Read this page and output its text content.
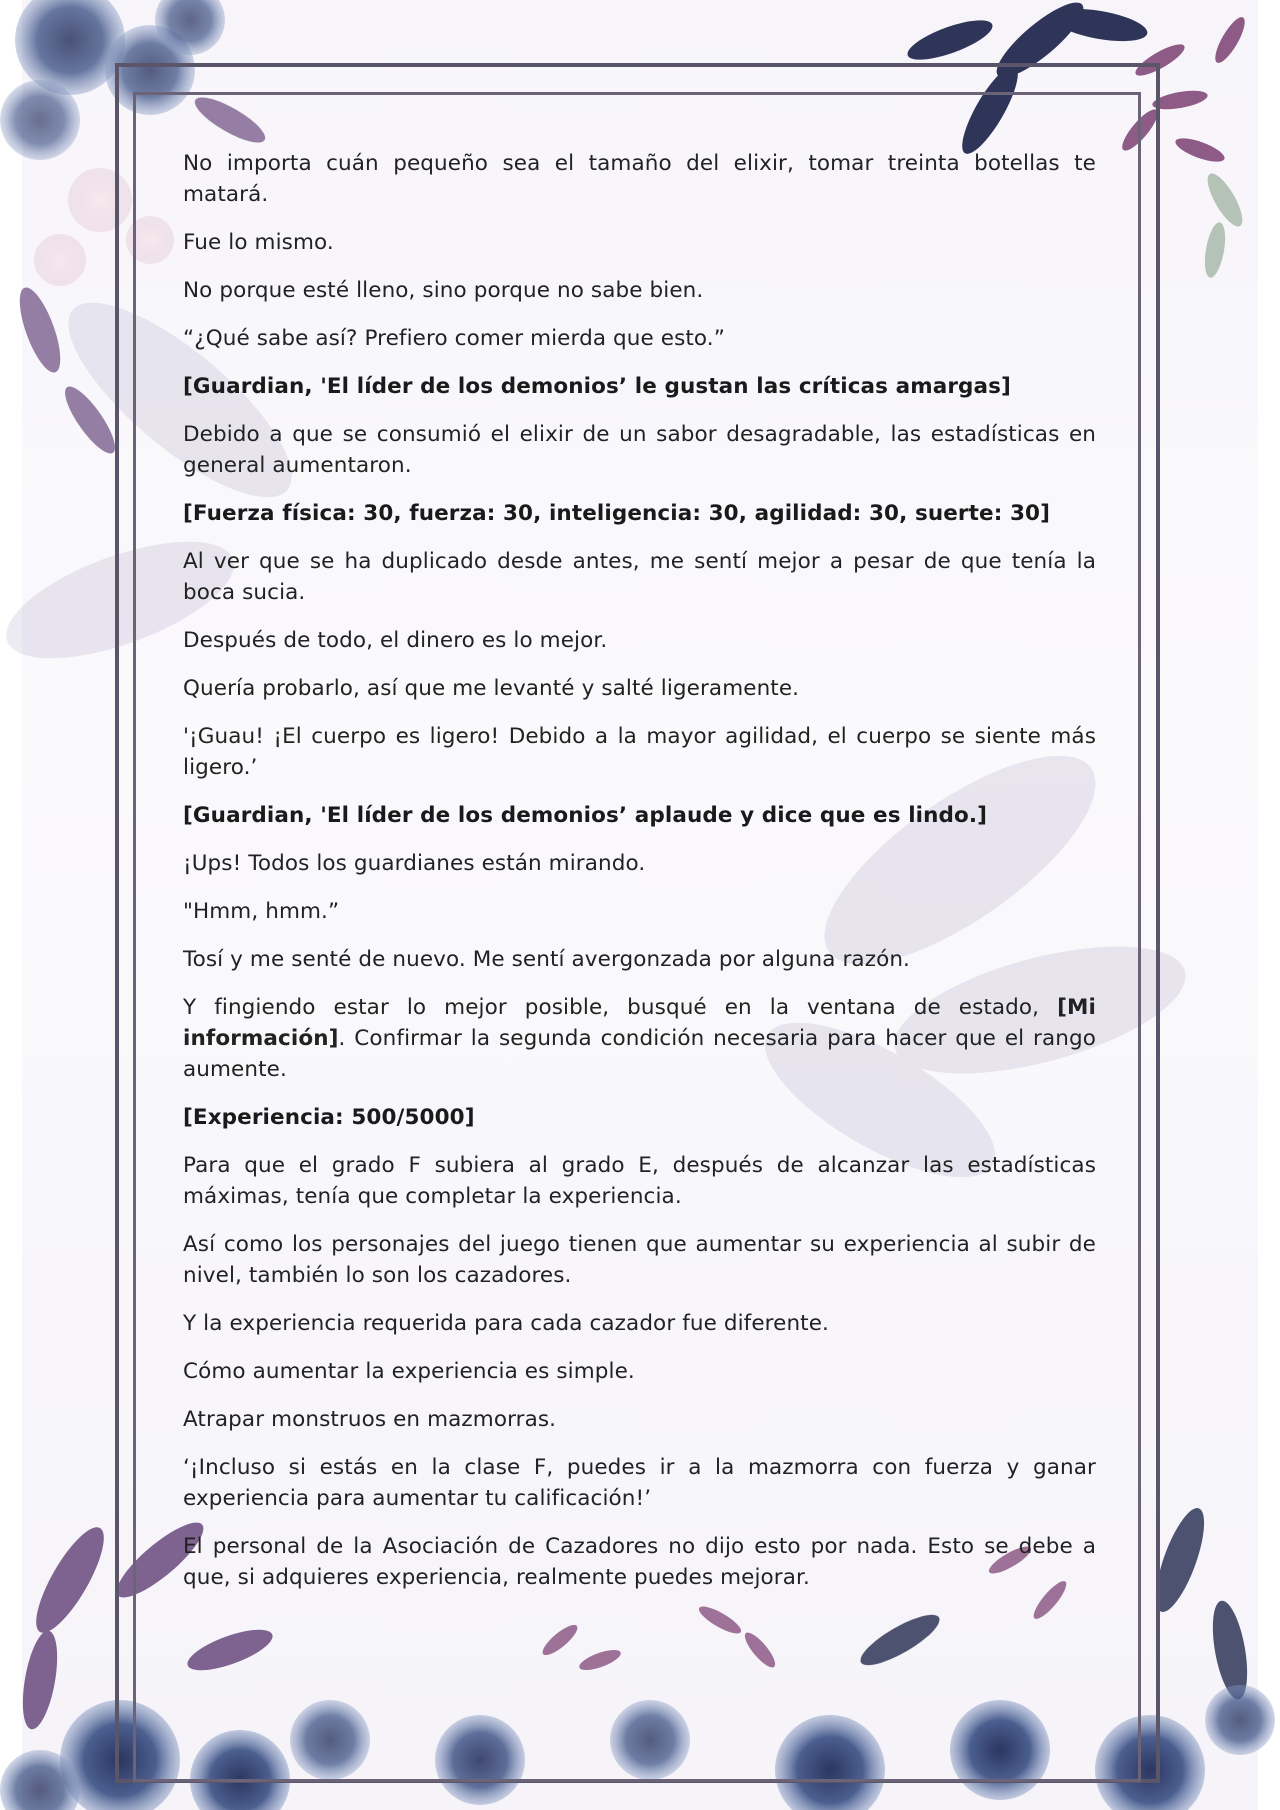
No importa cuán pequeño sea el tamaño del elixir, tomar treinta botellas te matará.

Fue lo mismo.

No porque esté lleno, sino porque no sabe bien.

“¿Qué sabe así? Prefiero comer mierda que esto.”

[Guardian, 'El líder de los demonios’ le gustan las críticas amargas]

Debido a que se consumió el elixir de un sabor desagradable, las estadísticas en general aumentaron.

[Fuerza física: 30, fuerza: 30, inteligencia: 30, agilidad: 30, suerte: 30]

Al ver que se ha duplicado desde antes, me sentí mejor a pesar de que tenía la boca sucia.

Después de todo, el dinero es lo mejor.

Quería probarlo, así que me levanté y salté ligeramente.

'¡Guau! ¡El cuerpo es ligero! Debido a la mayor agilidad, el cuerpo se siente más ligero.’

[Guardian, 'El líder de los demonios’ aplaude y dice que es lindo.]

¡Ups! Todos los guardianes están mirando.

"Hmm, hmm.”

Tosí y me senté de nuevo. Me sentí avergonzada por alguna razón.

Y fingiendo estar lo mejor posible, busqué en la ventana de estado, [Mi información]. Confirmar la segunda condición necesaria para hacer que el rango aumente.

[Experiencia: 500/5000]

Para que el grado F subiera al grado E, después de alcanzar las estadísticas máximas, tenía que completar la experiencia.

Así como los personajes del juego tienen que aumentar su experiencia al subir de nivel, también lo son los cazadores.

Y la experiencia requerida para cada cazador fue diferente.

Cómo aumentar la experiencia es simple.

Atrapar monstruos en mazmorras.

‘¡Incluso si estás en la clase F, puedes ir a la mazmorra con fuerza y ganar experiencia para aumentar tu calificación!’

El personal de la Asociación de Cazadores no dijo esto por nada. Esto se debe a que, si adquieres experiencia, realmente puedes mejorar.
